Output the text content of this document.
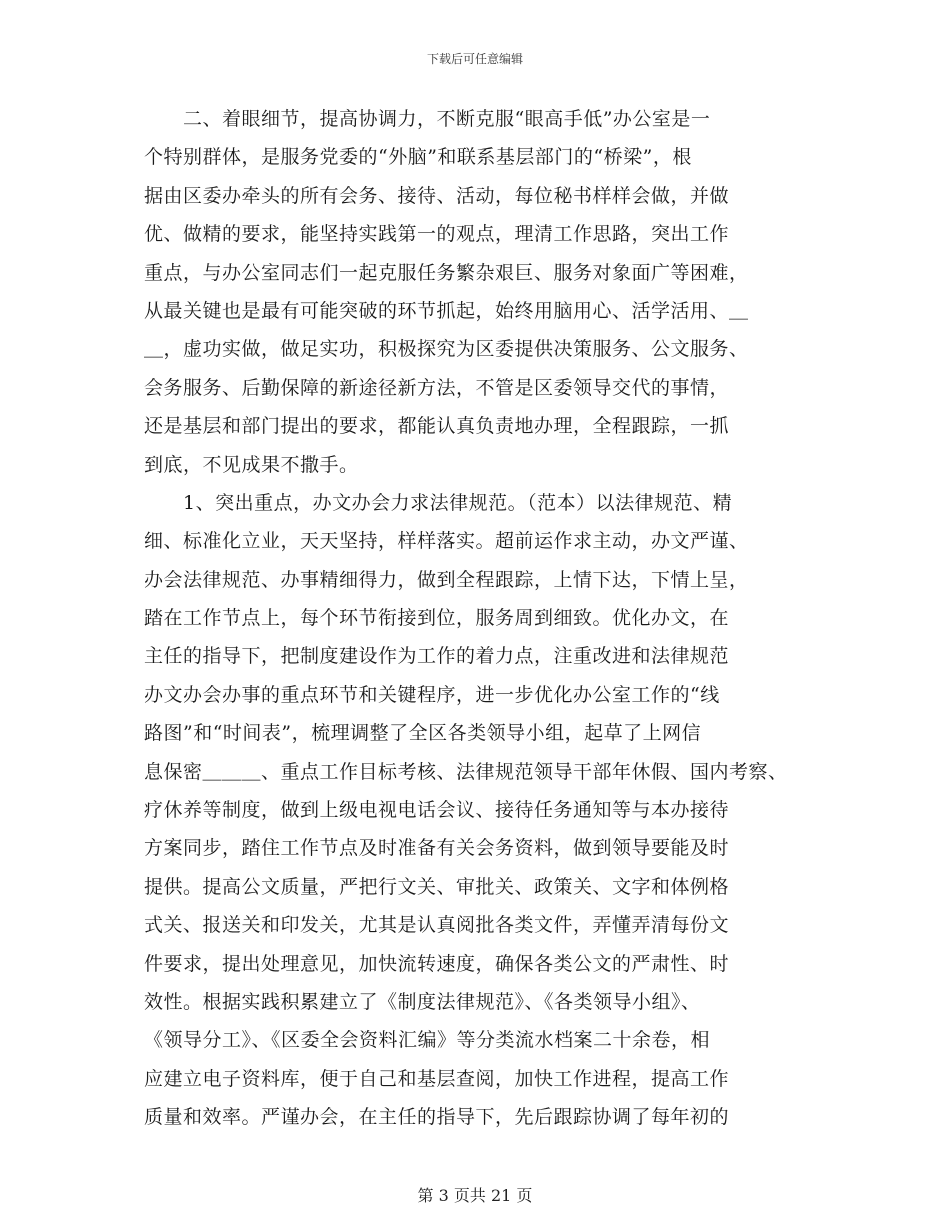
下载后可任意编辑
　　二、着眼细节，提高协调力，不断克服“眼高手低”办公室是一
个特别群体，是服务党委的“外脑”和联系基层部门的“桥梁”，根
据由区委办牵头的所有会务、接待、活动，每位秘书样样会做，并做
优、做精的要求，能坚持实践第一的观点，理清工作思路，突出工作
重点，与办公室同志们一起克服任务繁杂艰巨、服务对象面广等困难，
从最关键也是最有可能突破的环节抓起，始终用脑用心、活学活用、＿
＿，虚功实做，做足实功，积极探究为区委提供决策服务、公文服务、
会务服务、后勤保障的新途径新方法，不管是区委领导交代的事情，
还是基层和部门提出的要求，都能认真负责地办理，全程跟踪，一抓
到底，不见成果不撒手。
　　1、突出重点，办文办会力求法律规范。（范本）以法律规范、精
细、标准化立业，天天坚持，样样落实。超前运作求主动，办文严谨、
办会法律规范、办事精细得力，做到全程跟踪，上情下达，下情上呈，
踏在工作节点上，每个环节衔接到位，服务周到细致。优化办文，在
主任的指导下，把制度建设作为工作的着力点，注重改进和法律规范
办文办会办事的重点环节和关键程序，进一步优化办公室工作的“线
路图”和“时间表”，梳理调整了全区各类领导小组，起草了上网信
息保密＿＿＿、重点工作目标考核、法律规范领导干部年休假、国内考察、
疗休养等制度，做到上级电视电话会议、接待任务通知等与本办接待
方案同步，踏住工作节点及时准备有关会务资料，做到领导要能及时
提供。提高公文质量，严把行文关、审批关、政策关、文字和体例格
式关、报送关和印发关，尤其是认真阅批各类文件，弄懂弄清每份文
件要求，提出处理意见，加快流转速度，确保各类公文的严肃性、时
效性。根据实践积累建立了《制度法律规范》、《各类领导小组》、
《领导分工》、《区委全会资料汇编》等分类流水档案二十余卷，相
应建立电子资料库，便于自己和基层查阅，加快工作进程，提高工作
质量和效率。严谨办会，在主任的指导下，先后跟踪协调了每年初的
第 3 页共 21 页
